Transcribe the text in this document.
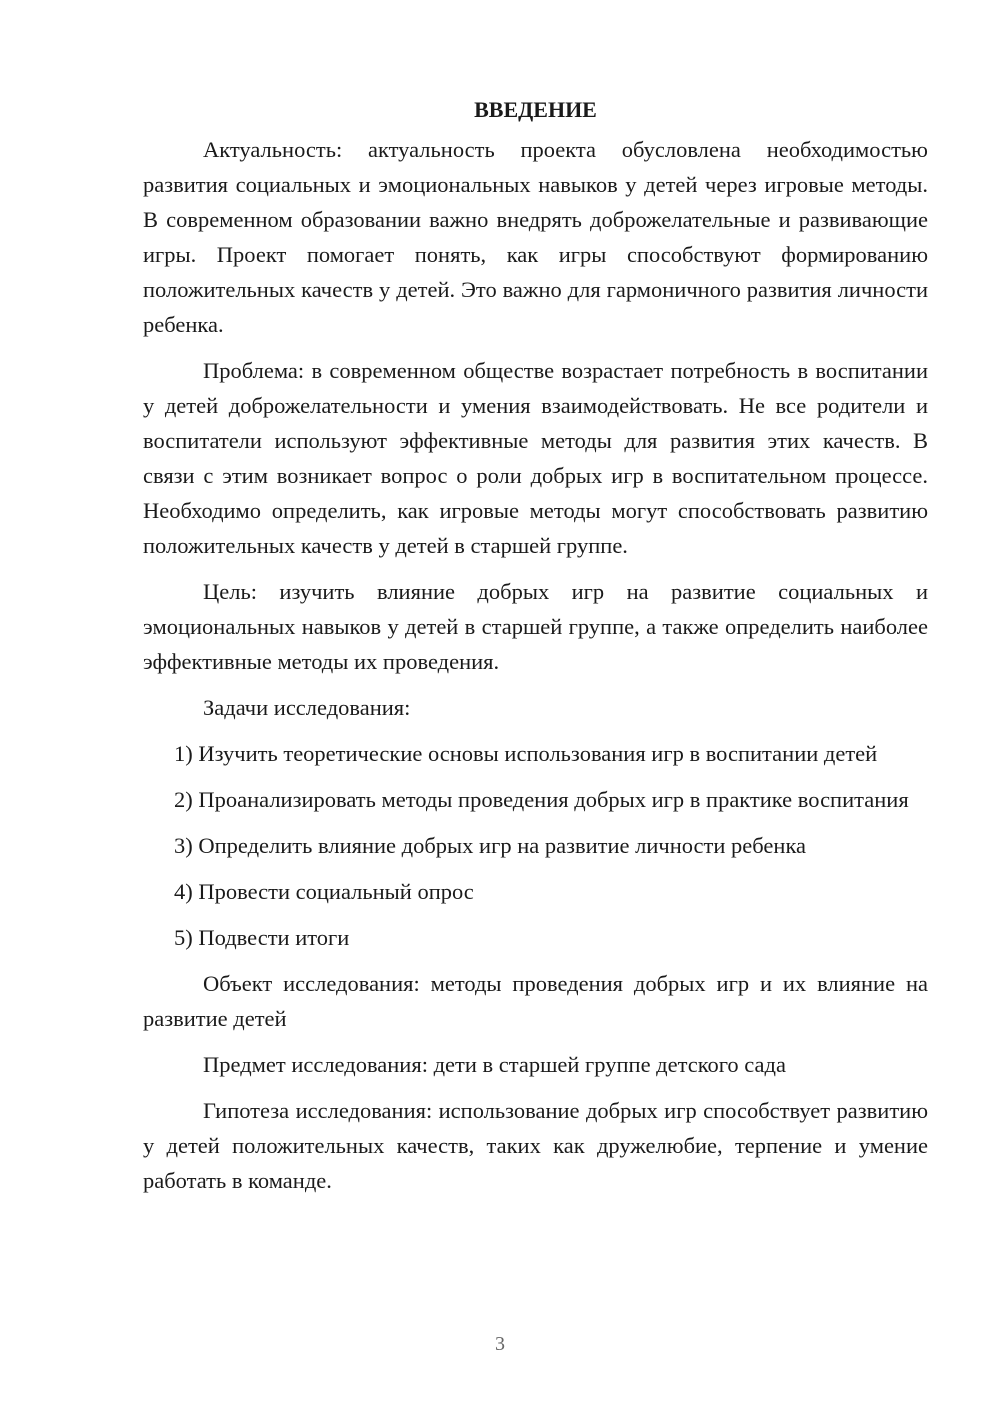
ВВЕДЕНИЕ

Актуальность: актуальность проекта обусловлена необходимостью развития социальных и эмоциональных навыков у детей через игровые методы. В современном образовании важно внедрять доброжелательные и развивающие игры. Проект помогает понять, как игры способствуют формированию положительных качеств у детей. Это важно для гармоничного развития личности ребенка.

Проблема: в современном обществе возрастает потребность в воспитании у детей доброжелательности и умения взаимодействовать. Не все родители и воспитатели используют эффективные методы для развития этих качеств. В связи с этим возникает вопрос о роли добрых игр в воспитательном процессе. Необходимо определить, как игровые методы могут способствовать развитию положительных качеств у детей в старшей группе.

Цель: изучить влияние добрых игр на развитие социальных и эмоциональных навыков у детей в старшей группе, а также определить наиболее эффективные методы их проведения.

Задачи исследования:

1) Изучить теоретические основы использования игр в воспитании детей

2) Проанализировать методы проведения добрых игр в практике воспитания

3) Определить влияние добрых игр на развитие личности ребенка

4) Провести социальный опрос

5) Подвести итоги

Объект исследования: методы проведения добрых игр и их влияние на развитие детей

Предмет исследования: дети в старшей группе детского сада

Гипотеза исследования: использование добрых игр способствует развитию у детей положительных качеств, таких как дружелюбие, терпение и умение работать в команде.

3
